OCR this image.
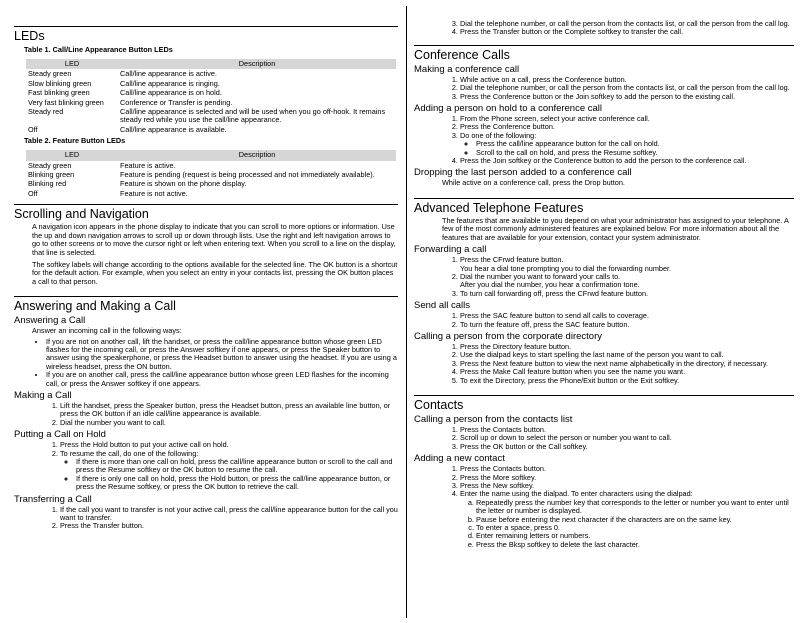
LEDs
Table 1. Call/Line Appearance Button LEDs
LED	Description
Steady green	Call/line appearance is active.
Slow blinking green	Call/line appearance is ringing.
Fast blinking green	Call/line appearance is on hold.
Very fast blinking green	Conference or Transfer is pending.
Steady red	Call/line appearance is selected and will be used when you go off-hook. It remains steady red while you use the call/line appearance.
Off	Call/line appearance is available.
Table 2. Feature Button LEDs
LED	Description
Steady green	Feature is active.
Blinking green	Feature is pending (request is being processed and not immediately available).
Blinking red	Feature is shown on the phone display.
Off	Feature is not active.
Scrolling and Navigation
A navigation icon appears in the phone display to indicate that you can scroll to more options or information. Use the up and down navigation arrows to scroll up or down through lists. Use the right and left navigation arrows to go to other screens or to move the cursor right or left when entering text. When you scroll to a line on the display, that line is selected.
The softkey labels will change according to the options available for the selected line. The OK button is a shortcut for the default action. For example, when you select an entry in your contacts list, pressing the OK button places a call to that person.
Answering and Making a Call
Answering a Call
Answer an incoming call in the following ways:
• If you are not on another call, lift the handset, or press the call/line appearance button whose green LED flashes for the incoming call, or press the Answer softkey if one appears, or press the Speaker button to answer using the speakerphone, or press the Headset button to answer using the headset. If you are using a wireless headset, press the ON button.
• If you are on another call, press the call/line appearance button whose green LED flashes for the incoming call, or press the Answer softkey if one appears.
Making a Call
1. Lift the handset, press the Speaker button, press the Headset button, press an available line button, or press the OK button if an idle call/line appearance is available.
2. Dial the number you want to call.
Putting a Call on Hold
1. Press the Hold button to put your active call on hold.
2. To resume the call, do one of the following:
◦ If there is more than one call on hold, press the call/line appearance button or scroll to the call and press the Resume softkey or the OK button to resume the call.
◦ If there is only one call on hold, press the Hold button, or press the call/line appearance button, or press the Resume softkey, or press the OK button to retrieve the call.
Transferring a Call
1. If the call you want to transfer is not your active call, press the call/line appearance button for the call you want to transfer.
2. Press the Transfer button.
3. Dial the telephone number, or call the person from the contacts list, or call the person from the call log.
4. Press the Transfer button or the Complete softkey to transfer the call.
Conference Calls
Making a conference call
1. While active on a call, press the Conference button.
2. Dial the telephone number, or call the person from the contacts list, or call the person from the call log.
3. Press the Conference button or the Join softkey to add the person to the existing call.
Adding a person on hold to a conference call
1. From the Phone screen, select your active conference call.
2. Press the Conference button.
3. Do one of the following:
◦ Press the call/line appearance button for the call on hold.
◦ Scroll to the call on hold, and press the Resume softkey.
4. Press the Join softkey or the Conference button to add the person to the conference call.
Dropping the last person added to a conference call
While active on a conference call, press the Drop button.
Advanced Telephone Features
The features that are available to you depend on what your administrator has assigned to your telephone. A few of the most commonly administered features are explained below. For more information about all the features that are available for your extension, contact your system administrator.
Forwarding a call
1. Press the CFrwd feature button.
You hear a dial tone prompting you to dial the forwarding number.
2. Dial the number you want to forward your calls to.
After you dial the number, you hear a confirmation tone.
3. To turn call forwarding off, press the CFrwd feature button.
Send all calls
1. Press the SAC feature button to send all calls to coverage.
2. To turn the feature off, press the SAC feature button.
Calling a person from the corporate directory
1. Press the Directory feature button.
2. Use the dialpad keys to start spelling the last name of the person you want to call.
3. Press the Next feature button to view the next name alphabetically in the directory, if necessary.
4. Press the Make Call feature button when you see the name you want.
5. To exit the Directory, press the Phone/Exit button or the Exit softkey.
Contacts
Calling a person from the contacts list
1. Press the Contacts button.
2. Scroll up or down to select the person or number you want to call.
3. Press the OK button or the Call softkey.
Adding a new contact
1. Press the Contacts button.
2. Press the More softkey.
3. Press the New softkey.
4. Enter the name using the dialpad. To enter characters using the dialpad:
a. Repeatedly press the number key that corresponds to the letter or number you want to enter until the letter or number is displayed.
b. Pause before entering the next character if the characters are on the same key.
c. To enter a space, press 0.
d. Enter remaining letters or numbers.
e. Press the Bksp softkey to delete the last character.
